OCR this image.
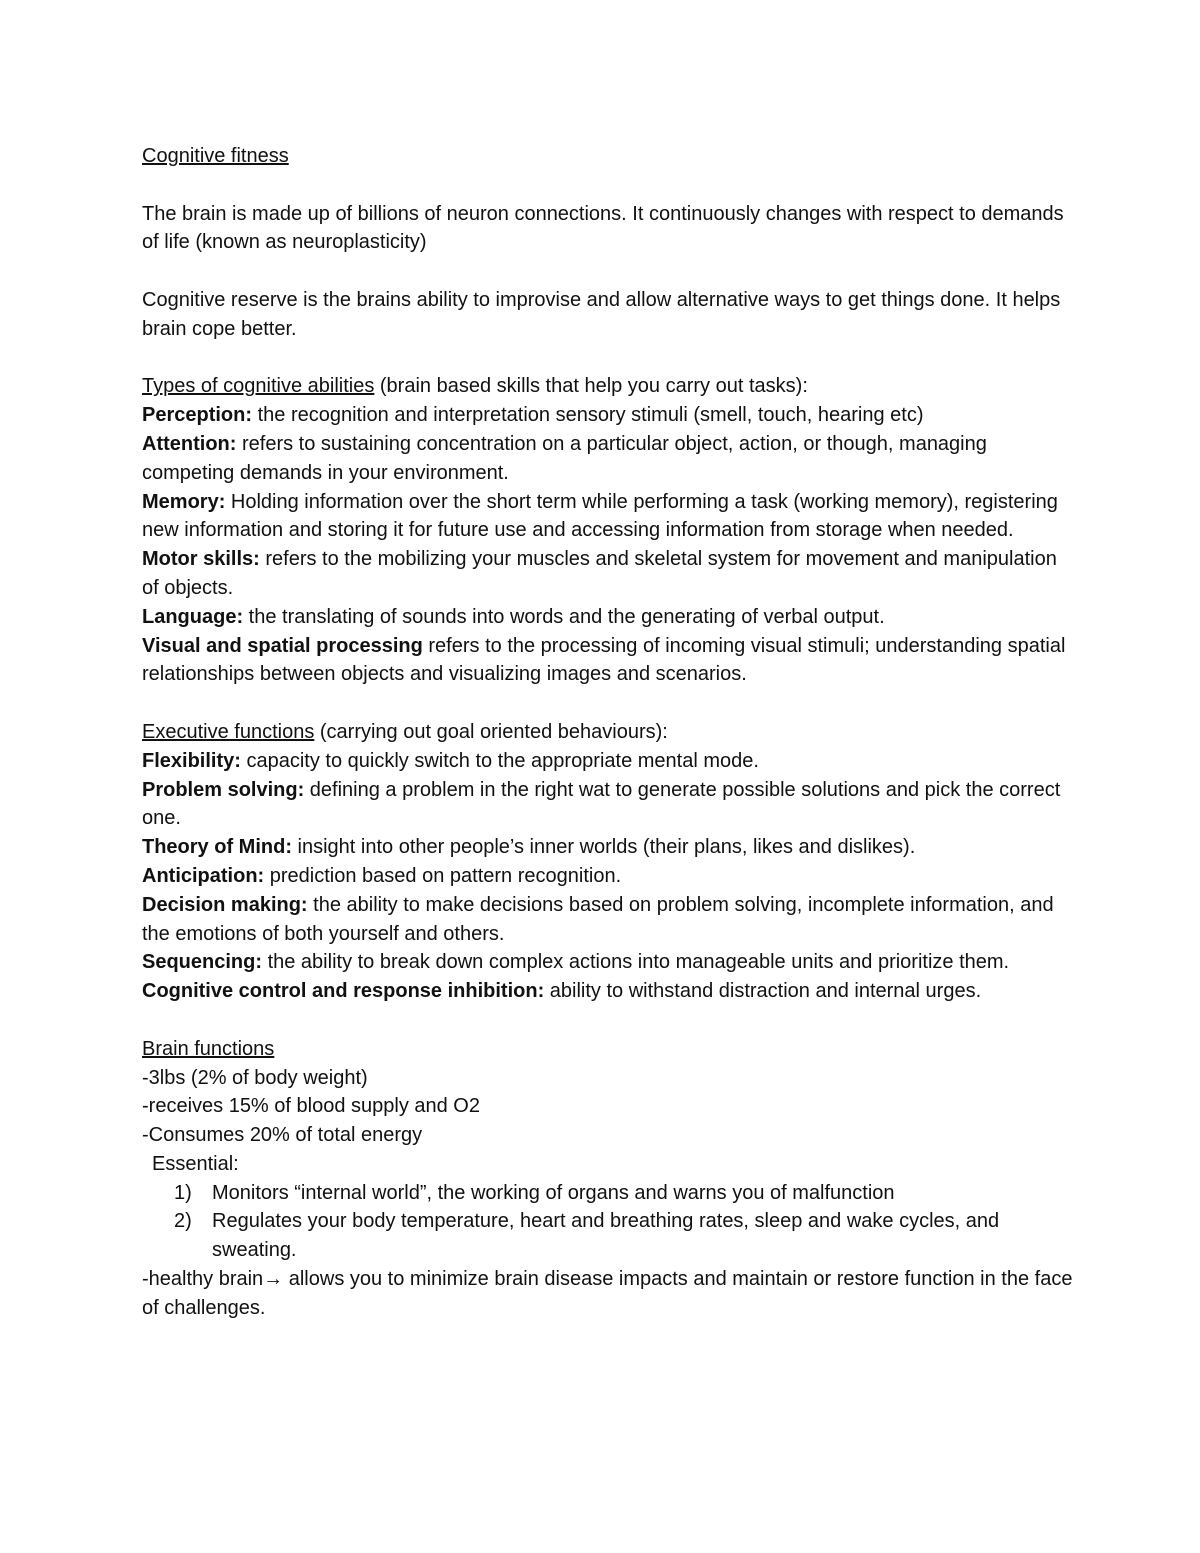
Cognitive fitness

The brain is made up of billions of neuron connections. It continuously changes with respect to demands of life (known as neuroplasticity)

Cognitive reserve is the brains ability to improvise and allow alternative ways to get things done. It helps brain cope better.

Types of cognitive abilities (brain based skills that help you carry out tasks):

Perception: the recognition and interpretation sensory stimuli (smell, touch, hearing etc)

Attention: refers to sustaining concentration on a particular object, action, or though, managing competing demands in your environment.

Memory: Holding information over the short term while performing a task (working memory), registering new information and storing it for future use and accessing information from storage when needed.

Motor skills: refers to the mobilizing your muscles and skeletal system for movement and manipulation of objects.

Language: the translating of sounds into words and the generating of verbal output.

Visual and spatial processing refers to the processing of incoming visual stimuli; understanding spatial relationships between objects and visualizing images and scenarios.

Executive functions (carrying out goal oriented behaviours):

Flexibility: capacity to quickly switch to the appropriate mental mode.

Problem solving: defining a problem in the right wat to generate possible solutions and pick the correct one.

Theory of Mind: insight into other people’s inner worlds (their plans, likes and dislikes).

Anticipation: prediction based on pattern recognition.

Decision making: the ability to make decisions based on problem solving, incomplete information, and the emotions of both yourself and others.

Sequencing: the ability to break down complex actions into manageable units and prioritize them.

Cognitive control and response inhibition: ability to withstand distraction and internal urges.

Brain functions

-3lbs (2% of body weight)

-receives 15% of blood supply and O2

-Consumes 20% of total energy

Essential:

1) Monitors “internal world”, the working of organs and warns you of malfunction

2) Regulates your body temperature, heart and breathing rates, sleep and wake cycles, and sweating.

-healthy brain→ allows you to minimize brain disease impacts and maintain or restore function in the face of challenges.
